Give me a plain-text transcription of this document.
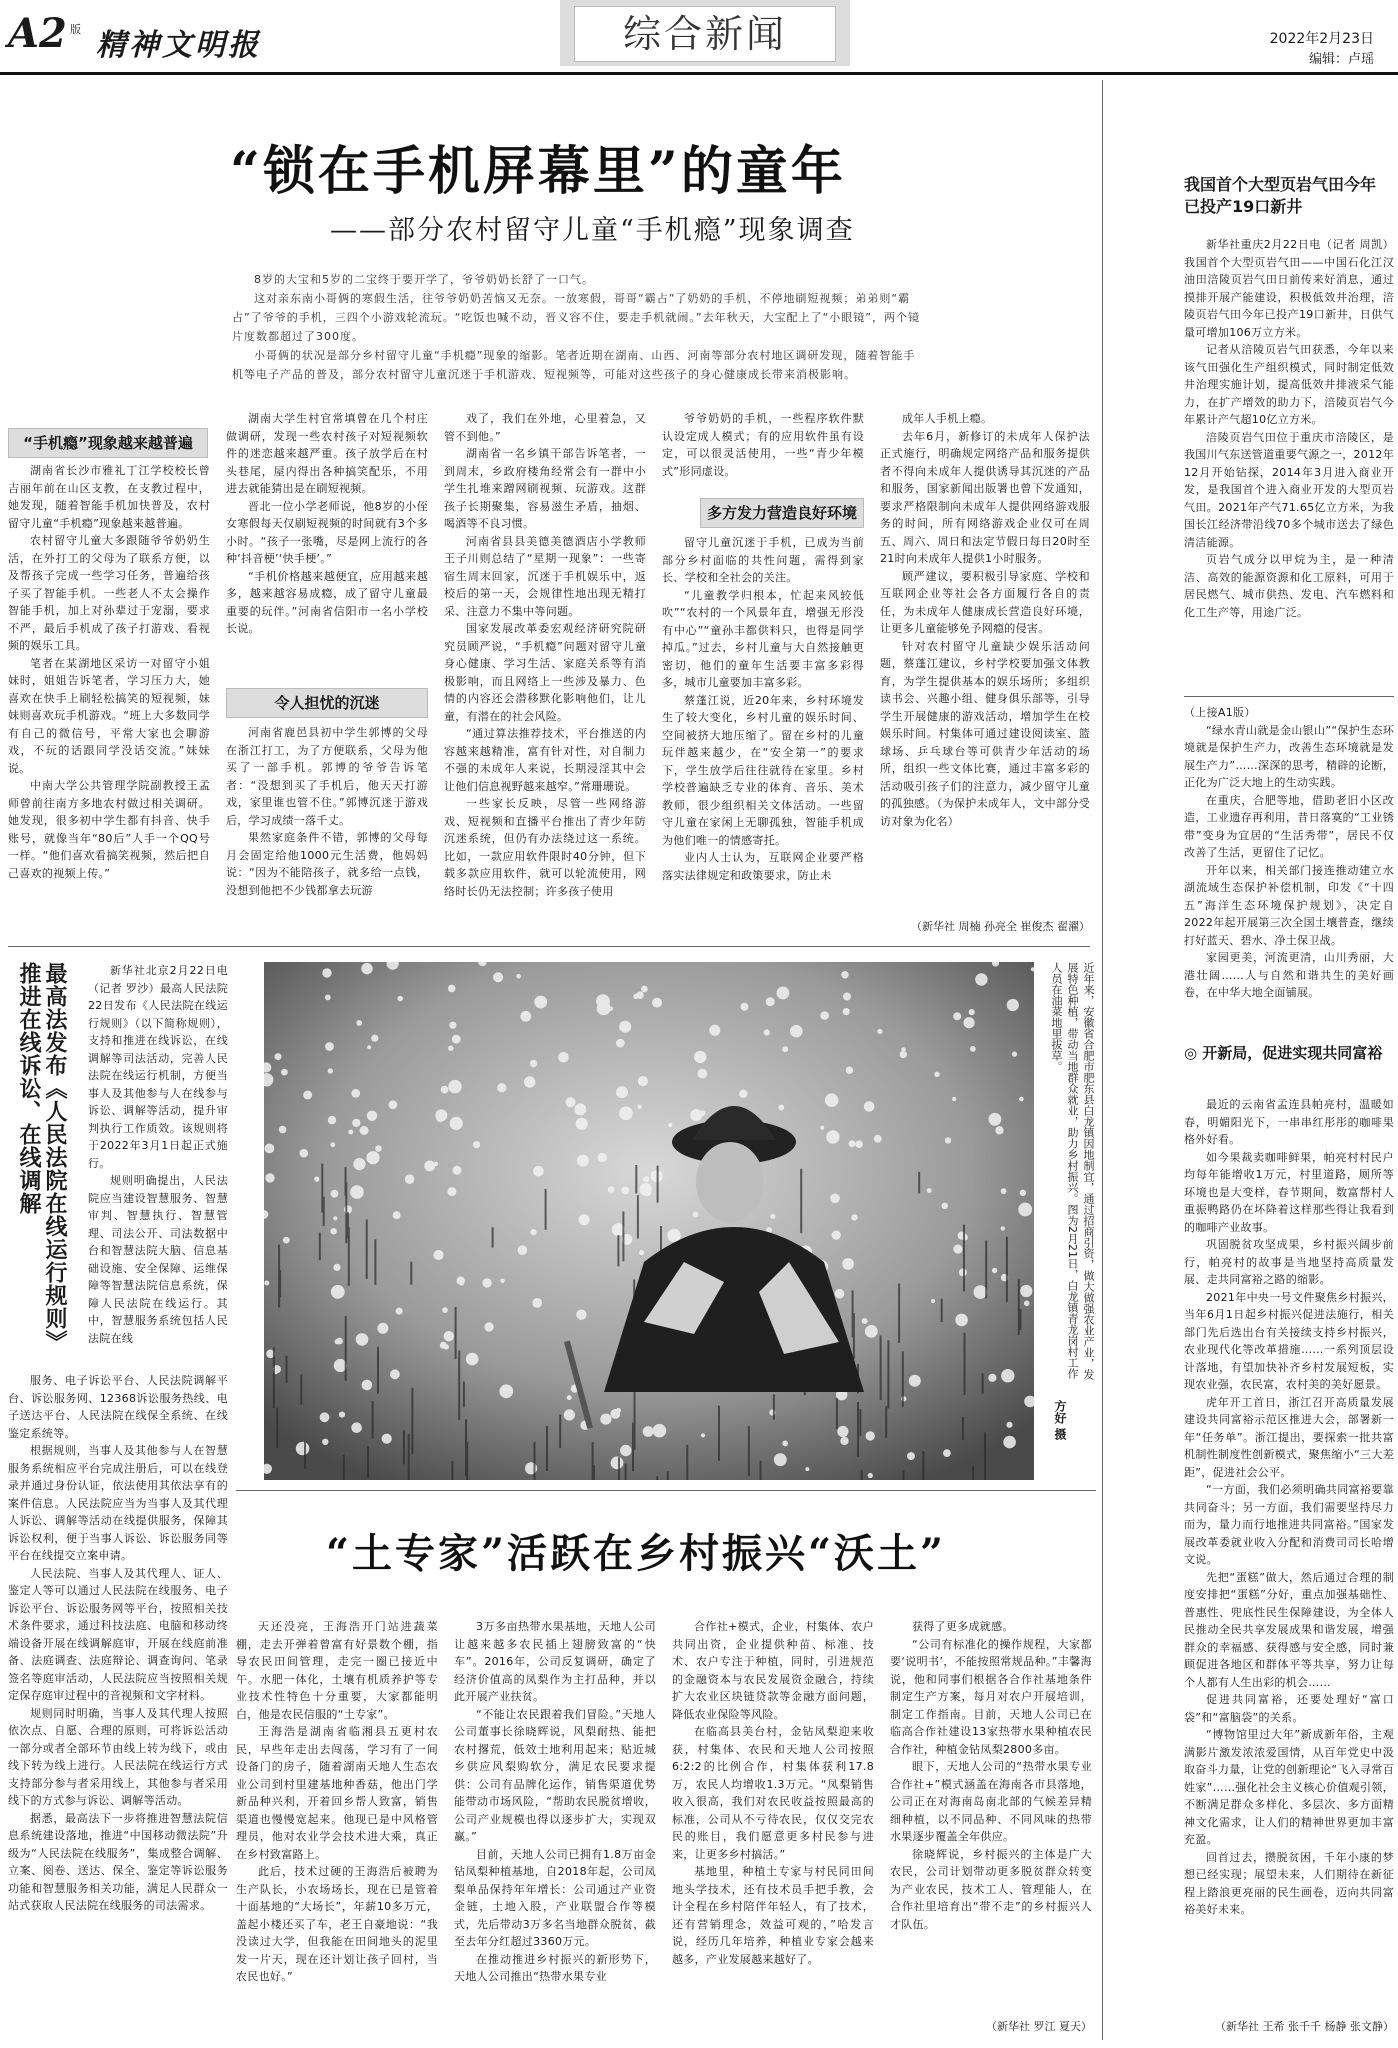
A2 版 精神文明报	综合新闻	2022年2月23日
编辑：卢瑶
“锁在手机屏幕里”的童年
——部分农村留守儿童“手机瘾”现象调查

8岁的大宝和5岁的二宝终于要开学了，爷爷奶奶长舒了一口气。

这对亲东南小哥俩的寒假生活，往爷爷奶奶苦恼又无奈。一放寒假，哥哥“霸占”了奶奶的手机，不停地刷短视频；弟弟则“霸占”了爷爷的手机，三四个小游戏轮流玩。“吃饭也喊不动，晋义容不住，要走手机就闹。”去年秋天，大宝配上了“小眼镜”，两个镜片度数都超过了300度。

小哥俩的状况是部分乡村留守儿童“手机瘾”现象的缩影。笔者近期在湖南、山西、河南等部分农村地区调研发现，随着智能手机等电子产品的普及，部分农村留守儿童沉迷于手机游戏、短视频等，可能对这些孩子的身心健康成长带来消极影响。

“手机瘾”现象越来越普遍

湖南省长沙市雅礼丁江学校校长曾吉丽年前在山区支教，在支教过程中，她发现，随着智能手机加快普及，农村留守儿童“手机瘾”现象越来越普遍。

农村留守儿童大多跟随爷爷奶奶生活，在外打工的父母为了联系方便，以及帮孩子完成一些学习任务，普遍给孩子买了智能手机。一些老人不太会操作智能手机，加上对孙辈过于宠溺，要求不严，最后手机成了孩子打游戏、看视频的娱乐工具。

笔者在某湖地区采访一对留守小姐妹时，姐姐告诉笔者，学习压力大，她喜欢在快手上刷轻松搞笑的短视频，妹妹则喜欢玩手机游戏。“班上大多数同学有自己的微信号，平常大家也会聊游戏，不玩的话跟同学没话交流。”妹妹说。

中南大学公共管理学院副教授王孟师曾前往南方多地农村做过相关调研。她发现，很多初中学生都有抖音、快手账号，就像当年“80后”人手一个QQ号一样。“他们喜欢看搞笑视频，然后把自己喜欢的视频上传。”

湖南大学生村官常填曾在几个村庄做调研，发现一些农村孩子对短视频软件的迷恋越来越严重。孩子放学后在村头巷尾，屋内得出各种搞笑配乐，不用进去就能猜出是在刷短视频。

晋北一位小学老师说，他8岁的小侄女寒假每天仅刷短视频的时间就有3个多小时。“孩子一张嘴，尽是网上流行的各种‘抖音梗’‘快手梗’。”

“手机价格越来越便宜，应用越来越多，越来越容易成瘾，成了留守儿童最重要的玩伴。”河南省信阳市一名小学校长说。

令人担忧的沉迷

河南省鹿邑县初中学生郭博的父母在浙江打工，为了方便联系，父母为他买了一部手机。郭博的爷爷告诉笔者：“没想到买了手机后，他天天打游戏，家里谁也管不住。”郭博沉迷于游戏后，学习成绩一落千丈。

果然家庭条件不错，郭博的父母每月会固定给他1000元生活费，他妈妈说：“因为不能陪孩子，就多给一点钱，没想到他把不少钱都拿去玩游

戏了，我们在外地，心里着急，又管不到他。”

湖南省一名乡镇干部告诉笔者，一到周末，乡政府楼角经常会有一群中小学生扎堆来蹭网刷视频、玩游戏。这群孩子长期聚集，容易滋生矛盾，抽烟、喝酒等不良习惯。

河南省县县美德美德酒店小学教师王子川则总结了“星期一现象”：一些寄宿生周末回家，沉迷于手机娱乐中，返校后的第一天，会规律性地出现无精打采、注意力不集中等问题。

国家发展改革委宏观经济研究院研究员顾严说，“手机瘾”问题对留守儿童身心健康、学习生活、家庭关系等有消极影响，而且网络上一些涉及暴力、色情的内容还会潜移默化影响他们，让儿童，有潜在的社会风险。

“通过算法推荐技术，平台推送的内容越来越精准，富有针对性，对自制力不强的未成年人来说，长期浸淫其中会让他们信息视野越来越窄。”常珊珊说。

一些家长反映，尽管一些网络游戏、短视频和直播平台推出了青少年防沉迷系统，但仍有办法绕过这一系统。比如，一款应用软件限时40分钟，但下载多款应用软件，就可以轮流使用，网络时长仍无法控制；许多孩子使用

爷爷奶奶的手机，一些程序软件默认设定成人模式；有的应用软件虽有设定，可以很灵活使用，一些“青少年模式”形同虚设。

多方发力营造良好环境

留守儿童沉迷于手机，已成为当前部分乡村面临的共性问题，需得到家长、学校和全社会的关注。

“儿童教学归根本，忙起来风较低吹”“农村的一个风景年直，增强无形没有中心”“童孙丰都供料只，也得是同学掉瓜。”过去，乡村儿童与大自然接触更密切，他们的童年生活要丰富多彩得多，城市儿童要加丰富多彩。

蔡蓬江说，近20年来，乡村环境发生了较大变化，乡村儿童的娱乐时间、空间被挤大地压缩了。留在乡村的儿童玩伴越来越少，在“安全第一”的要求下，学生放学后往往就待在家里。乡村学校普遍缺乏专业的体育、音乐、美术教师，很少组织相关文体活动。一些留守儿童在家闲上无聊孤独，智能手机成为他们唯一的情感寄托。

业内人士认为，互联网企业要严格落实法律规定和政策要求，防止未

成年人手机上瘾。

去年6月，新修订的未成年人保护法正式施行，明确规定网络产品和服务提供者不得向未成年人提供诱导其沉迷的产品和服务，国家新闻出版署也曾下发通知，要求严格限制向未成年人提供网络游戏服务的时间，所有网络游戏企业仅可在周五、周六、周日和法定节假日每日20时至21时向未成年人提供1小时服务。

顾严建议，要积极引导家庭、学校和互联网企业等社会各方面履行各自的责任，为未成年人健康成长营造良好环境，让更多儿童能够免予网瘾的侵害。

针对农村留守儿童缺少娱乐活动问题，蔡蓬江建议，乡村学校要加强文体教育，为学生提供基本的娱乐场所；多组织读书会、兴趣小组、健身俱乐部等，引导学生开展健康的游戏活动，增加学生在校娱乐时间。村集体可通过建设阅读室、篮球场、乒乓球台等可供青少年活动的场所，组织一些文体比赛，通过丰富多彩的活动吸引孩子们的注意力，减少留守儿童的孤独感。（为保护未成年人，文中部分受访对象为化名）

（新华社 周楠 孙亮全 崔俊杰 翟濯）
我国首个大型页岩气田今年已投产19口新井

新华社重庆2月22日电（记者 周凯）我国首个大型页岩气田——中国石化江汉油田涪陵页岩气田日前传来好消息，通过摸排开展产能建设，积极低效井治理，涪陵页岩气田今年已投产19口新井，日供气量可增加106万立方米。

记者从涪陵页岩气田获悉，今年以来该气田强化生产组织模式，同时制定低效井治理实施计划，提高低效井排液采气能力，在扩产增效的助力下，涪陵页岩气今年累计产气超10亿立方米。

涪陵页岩气田位于重庆市涪陵区，是我国川气东送管道重要气源之一，2012年12月开始钻探，2014年3月进入商业开发，是我国首个进入商业开发的大型页岩气田。2021年产气71.65亿立方米，为我国长江经济带沿线70多个城市送去了绿色清洁能源。

页岩气成分以甲烷为主，是一种清洁、高效的能源资源和化工原料，可用于居民燃气、城市供热、发电、汽车燃料和化工生产等，用途广泛。

（上接A1版）

“绿水青山就是金山银山”“保护生态环境就是保护生产力，改善生态环境就是发展生产力”……深深的思考，精辟的论断，正化为广泛大地上的生动实践。

在重庆，合肥等地，借助老旧小区改造，工业遗存再利用，昔日落寞的“工业锈带”变身为宜居的“生活秀带”，居民不仅改善了生活，更留住了记忆。

开年以来，相关部门接连推动建立水湖流域生态保护补偿机制，印发《“十四五”海洋生态环境保护规划》，决定自2022年起开展第三次全国土壤普查，继续打好蓝天、碧水、净土保卫战。

家园更美，河流更清，山川秀丽，大港壮阔……人与自然和谐共生的美好画卷，在中华大地全面铺展。

◎ 开新局，促进实现共同富裕

最近的云南省孟连县帕亮村，温暖如春，明媚阳光下，一串串红彤彤的咖啡果格外好看。

如今果裁卖咖啡鲜果，帕亮村村民户均每年能增收1万元，村里道路，厕所等环境也是大变样，春节期间，数富帮村人重振鸭路仍在坏降着这样那些得让我看到的咖啡产业故事。

巩固脱贫攻坚成果，乡村振兴阔步前行，帕亮村的故事是当地坚持高质量发展、走共同富裕之路的缩影。

2021年中央一号文件聚焦乡村振兴，当年6月1日起乡村振兴促进法施行，相关部门先后选出台有关接续支持乡村振兴，农业现代化等改革措施……一系列顶层设计落地，有望加快补齐乡村发展短板，实现农业强，农民富，农村美的美好愿景。

虎年开工首日，浙江召开高质量发展建设共同富裕示范区推进大会，部署新一年“任务单”。浙江提出，要探索一批共富机制性制度性创新模式，聚焦缩小“三大差距”，促进社会公平。

“一方面，我们必须明确共同富裕要靠共同奋斗；另一方面，我们需要坚持尽力而为，量力而行地推进共同富裕。”国家发展改革委就业收入分配和消费司司长哈增文说。

先把“蛋糕”做大，然后通过合理的制度安排把“蛋糕”分好，重点加强基础性、普惠性、兜底性民生保障建设，为全体人民推动全民共享发展成果和谐发展，增强群众的幸福感、获得感与安全感，同时兼顾促进各地区和群体平等共享，努力让每个人都有人生出彩的机会……

促进共同富裕，还要处理好“富口袋”和“富脑袋”的关系。

“博物馆里过大年”新成新年俗，主观满影片激发浓浓爱国情，从百年党史中汲取奋斗力量，让党的创新理论“飞入寻常百姓家”……强化社会主义核心价值观引领，不断满足群众多样化、多层次、多方面精神文化需求，让人们的精神世界更加丰富充盈。

回首过去，攒脱贫困，千年小康的梦想已经实现；展望未来，人们期待在新征程上踏浪更亮丽的民生画卷，迈向共同富裕美好未来。

（新华社 王希 张千千 杨静 张文静）
最高法发布《人民法院在线运行规则》 推进在线诉讼、在线调解	新华社北京2月22日电（记者 罗沙）最高人民法院22日发布《人民法院在线运行规则》（以下简称规则），支持和推进在线诉讼，在线调解等司法活动，完善人民法院在线运行机制，方便当事人及其他参与人在线参与诉讼、调解等活动，提升审判执行工作质效。该规则将于2022年3月1日起正式施行。

规则明确提出，人民法院应当建设智慧服务、智慧审判、智慧执行、智慧管理、司法公开、司法数据中台和智慧法院大脑、信息基础设施、安全保障、运维保障等智慧法院信息系统，保障人民法院在线运行。其中，智慧服务系统包括人民法院在线

服务、电子诉讼平台、人民法院调解平台、诉讼服务网、12368诉讼服务热线、电子送达平台、人民法院在线保全系统、在线鉴定系统等。

根据规则，当事人及其他参与人在智慧服务系统相应平台完成注册后，可以在线登录并通过身份认证，依法使用其依法享有的案件信息。人民法院应当为当事人及其代理人诉讼、调解等活动在线提供服务，保障其诉讼权利，便于当事人诉讼、诉讼服务同等平台在线提交立案申请。

人民法院、当事人及其代理人、证人、鉴定人等可以通过人民法院在线服务、电子诉讼平台、诉讼服务网等平台，按照相关技术条件要求，通过科技法庭、电脑和移动终端设备开展在线调解庭审，开展在线庭前准备、法庭调查、法庭辩论、调查询问、笔录签名等庭审活动，人民法院应当按照相关规定保存庭审过程中的音视频和文字材料。

规则同时明确，当事人及其代理人按照依次点、自愿、合理的原则，可将诉讼活动一部分或者全部环节由线上转为线下，或由线下转为线上进行。人民法院在线运行方式支持部分参与者采用线上，其他参与者采用线下的方式参与诉讼、调解等活动。

据悉，最高法下一步将推进智慧法院信息系统建设落地，推进“中国移动微法院”升级为“人民法院在线服务”，集成整合调解、立案、阅卷、送达、保全、鉴定等诉讼服务功能和智慧服务相关功能，满足人民群众一站式获取人民法院在线服务的司法需求。

近年来，安徽省合肥市肥东县白龙镇因地制宜，通过招商引资，做大做强农业产业，发展特色种植，带动当地群众就业，助力乡村振兴。图为2月21日，白龙镇青龙岗村工作人员在油菜地里拔草。
方好 摄
“土专家”活跃在乡村振兴“沃土”

天还没亮，王海浩开门站进蔬菜棚，走去开弹着曾富有好景数个棚，指导农民田间管理，走完一圈已接近中午。水肥一体化，土壤有机质养护等专业技术性特色十分重要，大家都能明白，他是农民信服的“土专家”。

王海浩是湖南省临湘县五更村农民，早些年走出去闯荡，学习有了一间设备门的房子，随着湖南天地人生态农业公司到村里建基地种香菇，他出门学新品种兴利，开着回乡帮人致富，销售渠道也慢慢宽起来。他现已是中风格管理员，他对农业学会技术进大乘，真正在乡村致富路上。

此后，技术过硬的王海浩后被聘为生产队长，小农场场长，现在已是管着十面基地的“大场长”，年薪10多万元，盖起小楼还买了车，老王自豪地说：“我没读过大学，但我能在田间地头的泥里发一片天，现在还计划让孩子回村，当农民也好。”

3万多亩热带水果基地，天地人公司让越来越多农民插上翅膀致富的“快车”。2016年，公司反复调研，确定了经济价值高的凤梨作为主打品种，并以此开展产业扶贫。

“不能让农民跟着我们冒险。”天地人公司董事长徐晓辉说，风梨耐热、能把农村撂荒，低效土地利用起来；贴近城乡供应风梨购软分，满足农民要求提供：公司有品牌化运作，销售渠道优势能带动市场风险，“帮助农民脱贫增收，公司产业规模也得以逐步扩大，实现双赢。”

目前，天地人公司已拥有1.8万亩金钻凤梨种植基地，自2018年起，公司凤梨单品保持年年增长：公司通过产业资金链，土地入股，产业联盟合作等模式，先后带动3万多名当地群众脱贫，截至去年分红超过3360万元。

在推动推进乡村振兴的新形势下，天地人公司推出“热带水果专业

合作社+模式，企业，村集体、农户共同出资，企业提供种苗、标准、技术、农户专注于种植，同时，引进规范的金融资本与农民发展资金融合，持续扩大农业区块链贷款等金融方面问题，降低农业保险等风险。

在临高县美台村，金钻凤梨迎来收获，村集体、农民和天地人公司按照6:2:2的比例合作，村集体获利17.8万，农民人均增收1.3万元。“凤梨销售收入很高，我们对农民收益按照最高的标准，公司从不亏待农民，仅仅交完农民的账目，我们愿意更多村民参与进来，让更多乡村搞活。”

基地里，种植土专家与村民同田间地头学技术，还有技术员手把手教，会计全程在乡村陪伴年轻人，有了技术，还有营销理念，效益可观的，”哈发言说，经历几年培养，种植业专家会越来越多，产业发展越来越好了。

获得了更多成就感。

“公司有标准化的操作规程，大家都要‘说明书’，不能按照常规品种。”丰馨海说，他和同事们根据各合作社基地条件制定生产方案，每月对农户开展培训，制定工作指南。目前，天地人公司已在临高合作社建设13家热带水果种植农民合作社，种植金钻凤梨2800多亩。

眼下，天地人公司的“热带水果专业合作社+”模式涵盖在海南各市县落地，公司正在对海南岛南北部的气候差异精细种植，以不同品种、不同风味的热带水果逐步覆盖全年供应。

徐晓辉说，乡村振兴的主体是广大农民，公司计划带动更多脱贫群众转变为产业农民，技术工人、管理能人，在合作社里培育出“带不走”的乡村振兴人才队伍。

（新华社 罗江 夏天）
